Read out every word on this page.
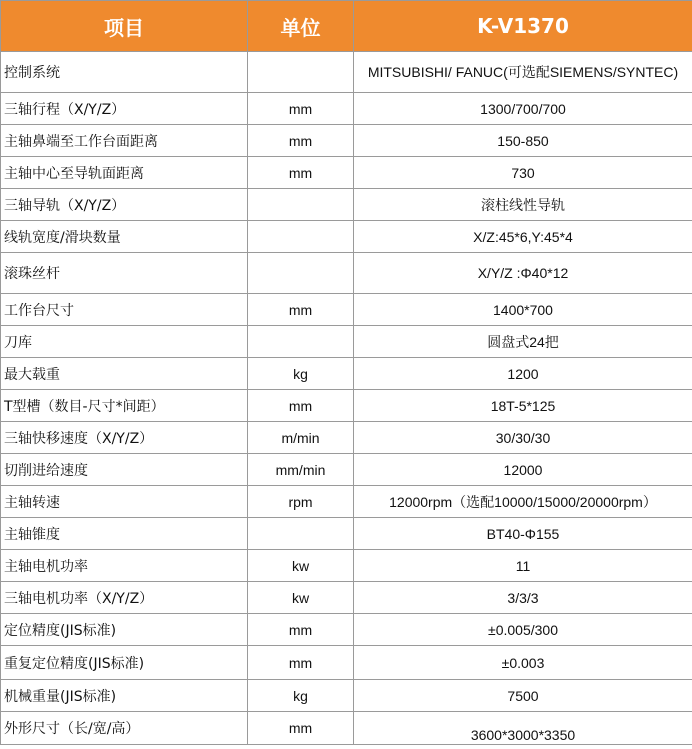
项目	单位	K-V1370
控制系统		MITSUBISHI/ FANUC(可选配SIEMENS/SYNTEC)
三轴行程（X/Y/Z）	mm	1300/700/700
主轴鼻端至工作台面距离	mm	150-850
主轴中心至导轨面距离	mm	730
三轴导轨（X/Y/Z）		滚柱线性导轨
线轨宽度/滑块数量		X/Z:45*6,Y:45*4
滚珠丝杆		X/Y/Z :Φ40*12
工作台尺寸	mm	1400*700
刀库		圆盘式24把
最大载重	kg	1200
T型槽（数目-尺寸*间距）	mm	18T-5*125
三轴快移速度（X/Y/Z）	m/min	30/30/30
切削进给速度	mm/min	12000
主轴转速	rpm	12000rpm（选配10000/15000/20000rpm）
主轴锥度		BT40-Φ155
主轴电机功率	kw	11
三轴电机功率（X/Y/Z）	kw	3/3/3
定位精度(JIS标准)	mm	±0.005/300
重复定位精度(JIS标准)	mm	±0.003
机械重量(JIS标准)	kg	7500
外形尺寸（长/宽/高）	mm	3600*3000*3350
